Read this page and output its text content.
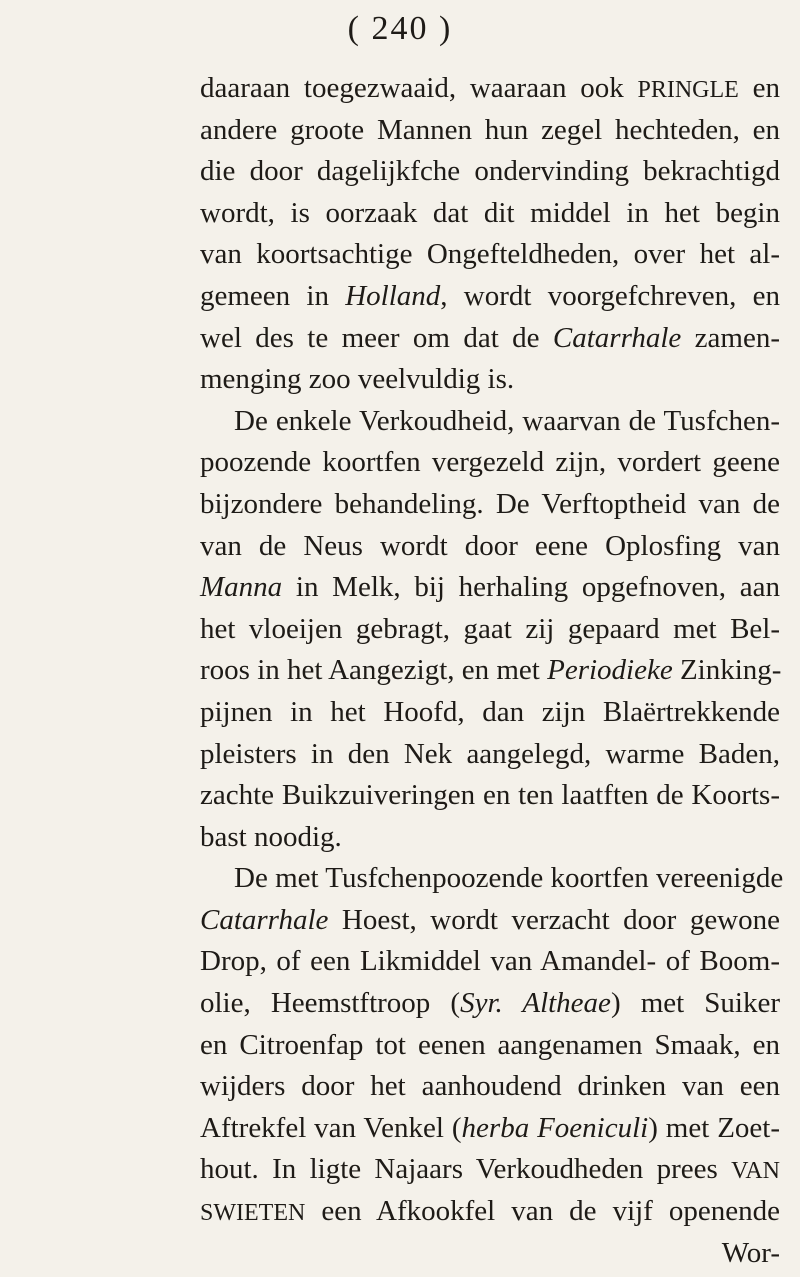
( 240 )
daaraan toegezwaaid, waaraan ook PRINGLE en
andere groote Mannen hun zegel hechteden, en
die door dagelijkfche ondervinding bekrachtigd
wordt, is oorzaak dat dit middel in het begin
van koortsachtige Ongefteldheden, over het al-
gemeen in Holland, wordt voorgefchreven, en
wel des te meer om dat de Catarrhale zamen-
menging zoo veelvuldig is.
De enkele Verkoudheid, waarvan de Tusfchen-
poozende koortfen vergezeld zijn, vordert geene
bijzondere behandeling. De Verftoptheid van de
van de Neus wordt door eene Oplosfing van
Manna in Melk, bij herhaling opgefnoven, aan
het vloeijen gebragt, gaat zij gepaard met Bel-
roos in het Aangezigt, en met Periodieke Zinking-
pijnen in het Hoofd, dan zijn Blaërtrekkende
pleisters in den Nek aangelegd, warme Baden,
zachte Buikzuiveringen en ten laatften de Koorts-
bast noodig.
De met Tusfchenpoozende koortfen vereenigde
Catarrhale Hoest, wordt verzacht door gewone
Drop, of een Likmiddel van Amandel- of Boom-
olie, Heemstftroop (Syr. Altheae) met Suiker
en Citroenfap tot eenen aangenamen Smaak, en
wijders door het aanhoudend drinken van een
Aftrekfel van Venkel (herba Foeniculi) met Zoet-
hout. In ligte Najaars Verkoudheden prees VAN
SWIETEN een Afkookfel van de vijf openende
Wor-
